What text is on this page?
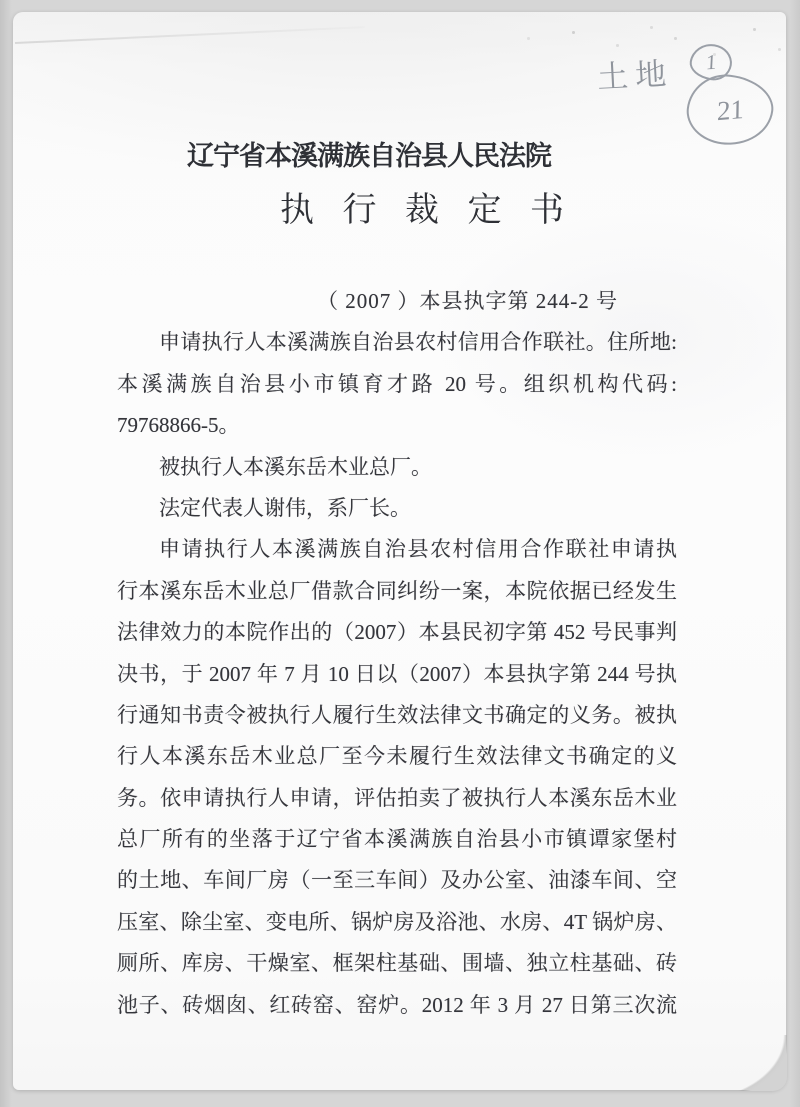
土地 1
21
辽宁省本溪满族自治县人民法院
执 行 裁 定 书
（ 2007 ）本县执字第 244-2 号
申请执行人本溪满族自治县农村信用合作联社。住所地:
本溪满族自治县小市镇育才路 20 号。组织机构代码:
79768866-5。
被执行人本溪东岳木业总厂。
法定代表人谢伟，系厂长。
申请执行人本溪满族自治县农村信用合作联社申请执
行本溪东岳木业总厂借款合同纠纷一案，本院依据已经发生
法律效力的本院作出的（2007）本县民初字第 452 号民事判
决书，于 2007 年 7 月 10 日以（2007）本县执字第 244 号执
行通知书责令被执行人履行生效法律文书确定的义务。被执
行人本溪东岳木业总厂至今未履行生效法律文书确定的义
务。依申请执行人申请，评估拍卖了被执行人本溪东岳木业
总厂所有的坐落于辽宁省本溪满族自治县小市镇谭家堡村
的土地、车间厂房（一至三车间）及办公室、油漆车间、空
压室、除尘室、变电所、锅炉房及浴池、水房、4T 锅炉房、
厕所、库房、干燥室、框架柱基础、围墙、独立柱基础、砖
池子、砖烟囱、红砖窑、窑炉。2012 年 3 月 27 日第三次流
